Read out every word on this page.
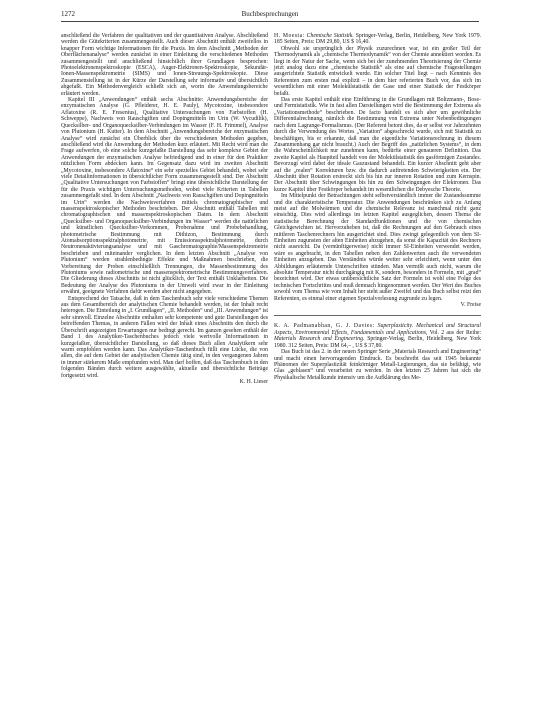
1272	Buchbesprechungen

anschließend die Verfahren der qualitativen und der quantitativen Analyse. Abschließend werden die Gütekriterien zusammengestellt. Auch dieser Abschnitt enthält zweifellos in knapper Form wichtige Informationen für die Praxis. Im dem Abschnitt „Methoden der Oberflächenanalyse“ werden zunächst in einer Einleitung die verschiedenen Methoden zusammengestellt und anschließend hinsichtlich ihrer Grundlagen besprochen: Photoelektronenspektroskopie (ESCA), Auger-Elektronen-Spektroskopie, Sekundär-Ionen-Massenspektrometrie (SIMS) und Ionen-Streuungs-Spektroskopie. Diese Zusammenstellung ist in der Kürze der Darstellung sehr informativ und übersichtlich abgefaßt. Ein Methodenvergleich schließt sich an, worin die Anwendungsbereiche erläutert werden.

Kapitel III „Anwendungen“ enthält sechs Abschnitte: Anwendungsbereiche der enzymatischen Analyse (G. Pfleiderer, H. E. Pauly), Mycotoxine, insbesondere Aflatoxine (R. E. Fresenius), Qualitative Untersuchungen von Farbstoffen (H. Schweppe), Nachweis von Rauschgiften und Dopingmitteln im Urin (W. Vycudilik), Quecksilber- und Organoquecksilber-Verbindungen im Wasser (F. H. Frimmel), Analyse von Plutonium (H. Kutter). In dem Abschnitt „Anwendungsbereiche der enzymatischen Analyse“ wird zunächst ein Überblick über die verschiedenen Methoden gegeben, anschließend wird die Anwendung der Methoden kurz erläutert. Mit Recht wird man die Frage aufwerfen, ob eine solche kurzgefaßte Darstellung das sehr komplexe Gebiet der Anwendungen der enzymatischen Analyse befriedigend und in einer für den Praktiker nützlichen Form abdecken kann. Im Gegensatz dazu wird im zweiten Abschnitt „Mycotoxine, insbesondere Aflatoxine“ ein sehr spezielles Gebiet behandelt, wobei sehr viele Detailinformationen in übersichtlicher Form zusammengestellt sind. Der Abschnitt „Qualitative Untersuchungen von Farbstoffen“ bringt eine übersichtliche Darstellung der für die Praxis wichtigen Untersuchungsmethoden, wobei viele Kriterien in Tabellen zusammengefaßt sind. In dem Abschnitt „Nachweis von Rauschgiften und Dopingmitteln im Urin“ werden die Nachweisverfahren mittels chromatographischer und massenspektroskopischer Methoden beschrieben. Der Abschnitt enthält Tabellen mit chromatographischen und massenspektroskopischen Daten. In dem Abschnitt „Quecksilber- und Organoquecksilber-Verbindungen im Wasser“ werden die natürlichen und künstlichen Quecksilber-Vorkommen, Probenahme und Probebehandlung, photometrische Bestimmung mit Dithizon, Bestimmung durch Atomabsorptionsspektralphotometrie, mit Emissionsspektralphotometrie, durch Neutronenaktivierungsanalyse und mit Gaschromatographie/Massenspektrometrie beschrieben und miteinander verglichen. In dem letzten Abschnitt „Analyse von Plutonium“ werden strahlenbedingte Effekte und Maßnahmen beschrieben, die Vorbereitung der Proben einschließlich Trennungen, die Massenbestimmung des Plutoniums sowie radiometrische und massenspektrometrische Bestimmungsverfahren. Die Gliederung dieses Abschnitts ist nicht glücklich, der Text enthält Unklarheiten. Die Bedeutung der Analyse des Plutoniums in der Umwelt wird zwar in der Einleitung erwähnt, geeignete Verfahren dafür werden aber nicht angegeben.

Entsprechend der Tatsache, daß in dem Taschenbuch sehr viele verschiedene Themen aus dem Gesamtbereich der analytischen Chemie behandelt werden, ist der Inhalt recht heterogen. Die Einteilung in „I. Grundlagen“, „II. Methoden“ und „III. Anwendungen“ ist sehr sinnvoll. Einzelne Abschnitte enthalten sehr kompetente und gute Darstellungen des betreffenden Themas, in anderen Fällen wird der Inhalt eines Abschnitts den durch die Überschrift angezeigten Erwartungen nur bedingt gerecht. Im ganzen gesehen enthält der Band 1 des Analytiker-Taschenbuches jedoch viele wertvolle Informationen in kurzgefaßter, übersichtlicher Darstellung, so daß dieses Buch allen Analytikern sehr warm empfohlen werden kann. Das Analytiker-Taschenbuch füllt eine Lücke, die von allen, die auf dem Gebiet der analytischen Chemie tätig sind, in den vergangenen Jahren in immer stärkerem Maße empfunden wird. Man darf hoffen, daß das Taschenbuch in den folgenden Bänden durch weitere ausgewählte, aktuelle und übersichtliche Beiträge fortgesetzt wird.

K. H. Lieser

H. Moesta: Chemische Statistik. Springer-Verlag, Berlin, Heidelberg, New York 1979. 185 Seiten, Preis: DM 29,80, US $ 16,40.

Obwohl sie ursprünglich der Physik zuzurechnen war, ist ein großer Teil der Thermodynamik als „chemische Thermodynamik“ von der Chemie annektiert worden. Es liegt in der Natur der Sache, wenn sich bei der zunehmenden Theorisierung der Chemie jetzt analog dazu eine „chemische Statistik“ als eine auf chemische Fragestellungen ausgerichtete Statistik entwickelt wurde. Ein solcher Titel liegt – nach Kenntnis des Referenten zum ersten mal explizit – in dem hier referierten Buch vor, das sich im wesentlichen mit einer Molekülstatistik der Gase und einer Statistik der Festkörper befaßt.

Das erste Kapitel enthält eine Einführung in die Grundlagen mit Boltzmann-, Bose- und Fermistatistik. Wie in fast allen Darstellungen wird die Bestimmung der Extrema als „Variationsmethode“ beschrieben. De facto handelt es sich aber um gewöhnliche Differentialrechnung, nämlich die Bestimmung von Extrema unter Nebenbedingungen nach dem Lagrange-Formalismus. (Der Referent betont dies, da er selbst vor Jahrzehnten durch die Verwendung des Wortes „Variation“ abgeschreckt wurde, sich mit Statistik zu beschäftigen, bis er erkannte, daß man die eigentliche Variationsrechnung in diesem Zusammenhang gar nicht braucht.) Auch der Begriff des „natürlichen Systems“, in dem die Wahrscheinlichkeit nur zunehmen kann, bedürfte einer genaueren Definition. Das zweite Kapitel als Hauptteil handelt von der Molekülstatistik des gasförmigen Zustandes. Bevorzugt wird dabei der ideale Gaszustand behandelt. Ein kurzer Abschnitt geht aber auf die „realen“ Korrekturen bzw. die dadurch auftretenden Schwierigkeiten ein. Der Abschnitt über Rotation erstreckt sich bis hin zur inneren Rotation und zum Kernspin. Der Abschnitt über Schwingungen bis hin zu den Schwingungen der Elektronen. Das kurze Kapitel über Festkörper behandelt im wesentlichen die Debyesche Theorie.

Im Mittelpunkt der Betrachtungen steht selbstverständlich immer die Zustandssumme und die charakteristische Temperatur. Die Anwendungen beschränken sich zu Anfang meist auf die Molwärmen und die chemische Relevanz ist manchmal nicht ganz einsichtig. Dies wird allerdings im letzten Kapitel ausgeglichen, dessen Thema die statistische Berechnung der Standardfunktionen und die von chemischen Gleichgewichten ist. Hervorzuheben ist, daß die Rechnungen auf den Gebrauch eines mittleren Taschenrechners hin ausgerichtet sind. Dies zwingt gelegentlich von dem SI-Einheiten zugunsten der alten Einheiten abzugehen, da sonst die Kapazität des Rechners nicht ausreicht. Da (vernünftigerweise) nicht immer SI-Einheiten verwendet werden, wäre es angebracht, in den Tabellen neben den Zahlenwerten auch die verwendeten Einheiten anzugeben. Das Verständnis würde weiter sehr erleichtert, wenn unter den Abbildungen erläuternde Unterschriften stünden. Man vermißt auch nicht, warum die absolute Temperatur nicht durchgängig mit K, sondern, besonders in Formeln, mit „grad“ bezeichnet wird. Der etwas unübersichtliche Satz der Formeln ist wohl eine Folge des technischen Fortschrittes und muß demnach hingenommen werden. Der Wert des Buches sowohl vom Thema wie vom Inhalt her steht außer Zweifel und das Buch selbst reizt den Referenten, es einmal einer eigenen Spezialvorlesung zugrunde zu legen.

V. Freise

K. A. Padmanabhan, G. J. Davies: Superplasticity. Mechanical and Structural Aspects, Environmental Effects, Fundamentals and Applications, Vol. 2 aus der Reihe: Materials Research and Engineering. Springer-Verlag, Berlin, Heidelberg, New York 1980. 312 Seiten, Preis: DM 64,– , US $ 37,80.

Das Buch ist das 2. in der neuen Springer Serie „Materials Research and Engineering“ und macht einen hervorragenden Eindruck. Es beschreibt das seit 1945 bekannte Phänomen der Superplastizität feinkörniger Metall-Legierungen, das sie befähigt, wie Glas „geblasen“ und verarbeitet zu werden. In den letzten 25 Jahren hat sich die Physikalische Metallkunde intensiv um die Aufklärung des Me-
